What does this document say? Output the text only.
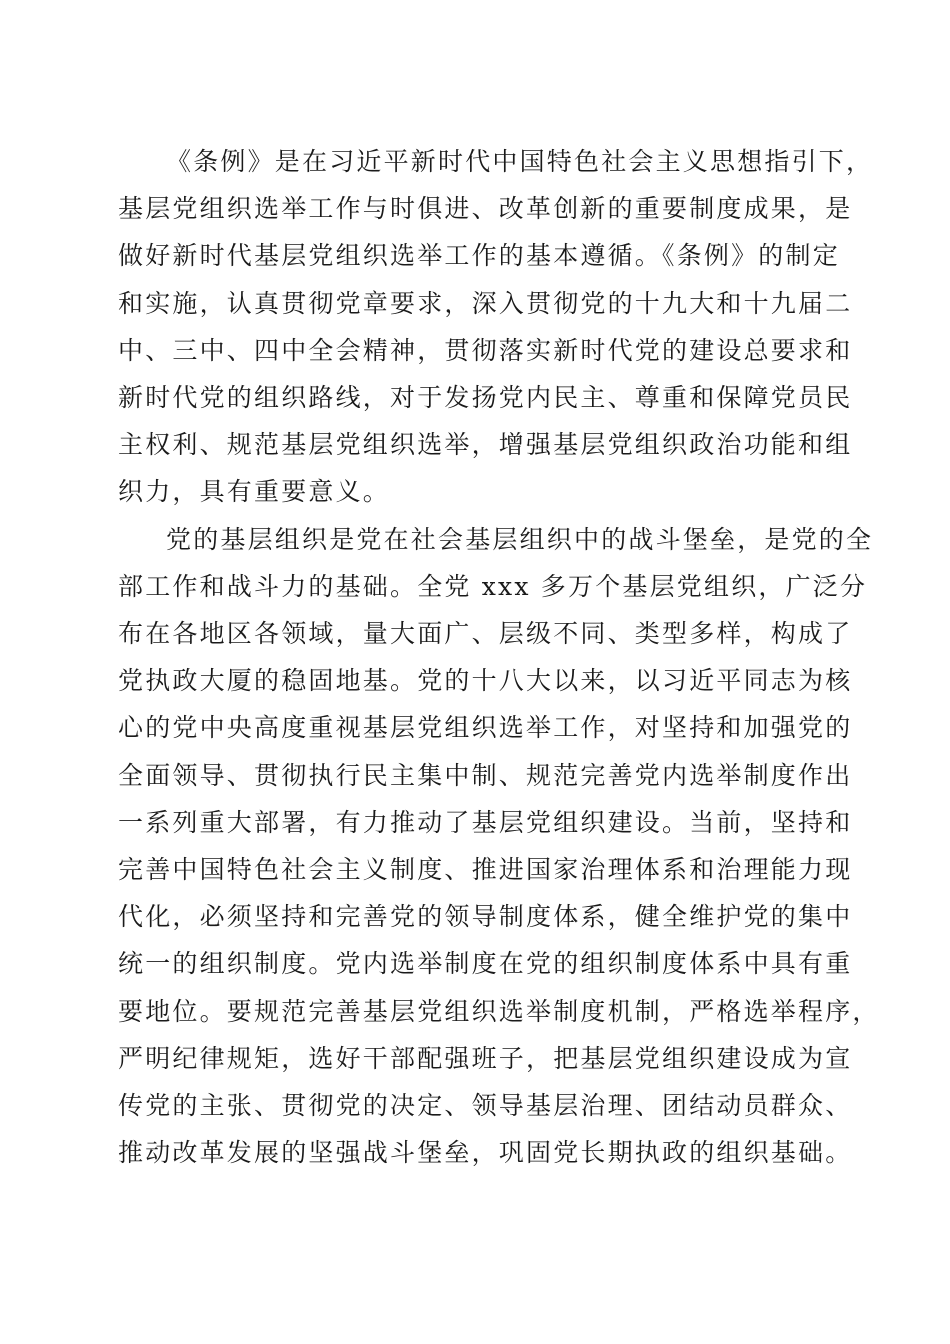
《条例》是在习近平新时代中国特色社会主义思想指引下，
基层党组织选举工作与时俱进、改革创新的重要制度成果，是
做好新时代基层党组织选举工作的基本遵循。《条例》的制定
和实施，认真贯彻党章要求，深入贯彻党的十九大和十九届二
中、三中、四中全会精神，贯彻落实新时代党的建设总要求和
新时代党的组织路线，对于发扬党内民主、尊重和保障党员民
主权利、规范基层党组织选举，增强基层党组织政治功能和组
织力，具有重要意义。
党的基层组织是党在社会基层组织中的战斗堡垒，是党的全
部工作和战斗力的基础。全党 xxx 多万个基层党组织，广泛分
布在各地区各领域，量大面广、层级不同、类型多样，构成了
党执政大厦的稳固地基。党的十八大以来，以习近平同志为核
心的党中央高度重视基层党组织选举工作，对坚持和加强党的
全面领导、贯彻执行民主集中制、规范完善党内选举制度作出
一系列重大部署，有力推动了基层党组织建设。当前，坚持和
完善中国特色社会主义制度、推进国家治理体系和治理能力现
代化，必须坚持和完善党的领导制度体系，健全维护党的集中
统一的组织制度。党内选举制度在党的组织制度体系中具有重
要地位。要规范完善基层党组织选举制度机制，严格选举程序，
严明纪律规矩，选好干部配强班子，把基层党组织建设成为宣
传党的主张、贯彻党的决定、领导基层治理、团结动员群众、
推动改革发展的坚强战斗堡垒，巩固党长期执政的组织基础。
